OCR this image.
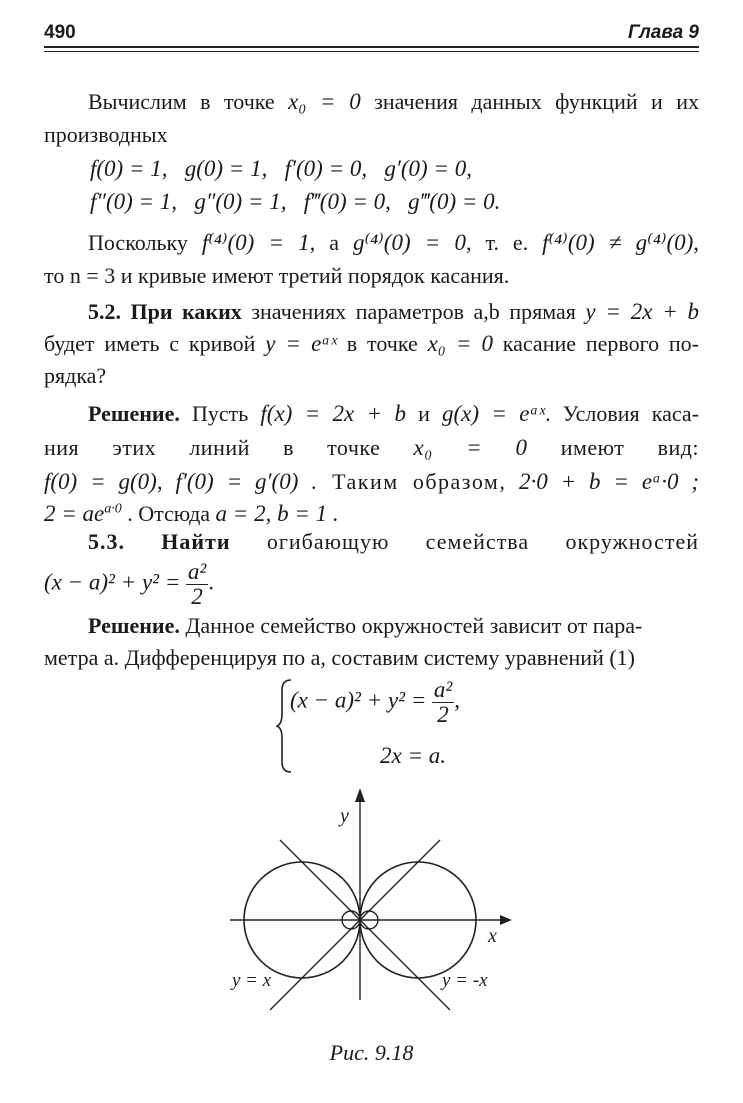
490	Глава 9
Вычислим в точке x₀ = 0 значения данных функций и их
производных
f(0) = 1, g(0) = 1, f′(0) = 0, g′(0) = 0,
f″(0) = 1, g″(0) = 1, f‴(0) = 0, g‴(0) = 0.
Поскольку f⁽⁴⁾(0) = 1, а g⁽⁴⁾(0) = 0, т. е. f⁽⁴⁾(0) ≠ g⁽⁴⁾(0),
то n = 3 и кривые имеют третий порядок касания.
5.2. При каких значениях параметров a,b прямая y = 2x + b
будет иметь с кривой y = eᵃˣ в точке x₀ = 0 касание первого по-
рядка?
Решение. Пусть f(x) = 2x + b и g(x) = eᵃˣ. Условия каса-
ния этих линий в точке x₀ = 0 имеют вид:
f(0) = g(0), f′(0) = g′(0) . Таким образом, 2·0 + b = eᵃ·0 ;
$2 = ae^{a\cdot 0}$ . Отсюда a = 2, b = 1 .
5.3. Найти огибающую семейства окружностей
$(x - a)^2 + y^2 = \frac{\text{a²}}{2}$ .
Решение. Данное семейство окружностей зависит от пара-
метра a. Дифференцируя по a, составим систему уравнений (1)
$(x - a)^2 + y^2 = \frac{\text{a²}}{2}$ ,
2x = a.
y
x
y = x	y = -x
Рис. 9.18
